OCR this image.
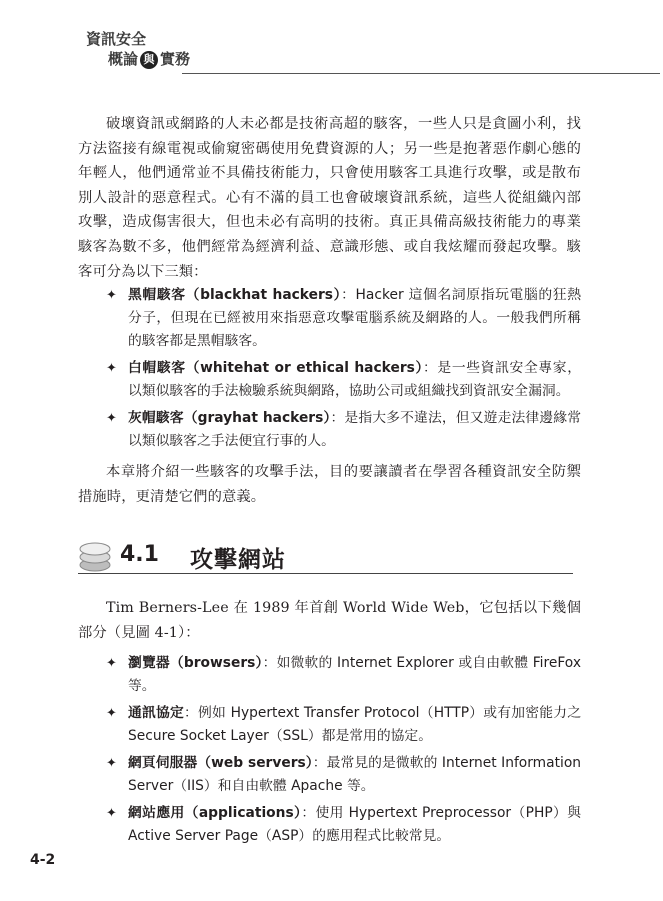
資訊安全
概論 與 實務

破壞資訊或網路的人未必都是技術高超的駭客，一些人只是貪圖小利，找方法盜接有線電視或偷窺密碼使用免費資源的人；另一些是抱著惡作劇心態的年輕人，他們通常並不具備技術能力，只會使用駭客工具進行攻擊，或是散布別人設計的惡意程式。心有不滿的員工也會破壞資訊系統，這些人從組織內部攻擊，造成傷害很大，但也未必有高明的技術。真正具備高級技術能力的專業駭客為數不多，他們經常為經濟利益、意識形態、或自我炫耀而發起攻擊。駭客可分為以下三類：

✦ 黑帽駭客（blackhat hackers）：Hacker 這個名詞原指玩電腦的狂熱分子，但現在已經被用來指惡意攻擊電腦系統及網路的人。一般我們所稱的駭客都是黑帽駭客。
✦ 白帽駭客（whitehat or ethical hackers）：是一些資訊安全專家，以類似駭客的手法檢驗系統與網路，協助公司或組織找到資訊安全漏洞。
✦ 灰帽駭客（grayhat hackers）：是指大多不違法，但又遊走法律邊緣常以類似駭客之手法便宜行事的人。

本章將介紹一些駭客的攻擊手法，目的要讓讀者在學習各種資訊安全防禦措施時，更清楚它們的意義。

4.1 攻擊網站

Tim Berners-Lee 在 1989 年首創 World Wide Web，它包括以下幾個部分（見圖 4-1）：

✦ 瀏覽器（browsers）：如微軟的 Internet Explorer 或自由軟體 FireFox 等。
✦ 通訊協定：例如 Hypertext Transfer Protocol（HTTP）或有加密能力之 Secure Socket Layer（SSL）都是常用的協定。
✦ 網頁伺服器（web servers）：最常見的是微軟的 Internet Information Server（IIS）和自由軟體 Apache 等。
✦ 網站應用（applications）：使用 Hypertext Preprocessor（PHP）與 Active Server Page（ASP）的應用程式比較常見。
4-2
